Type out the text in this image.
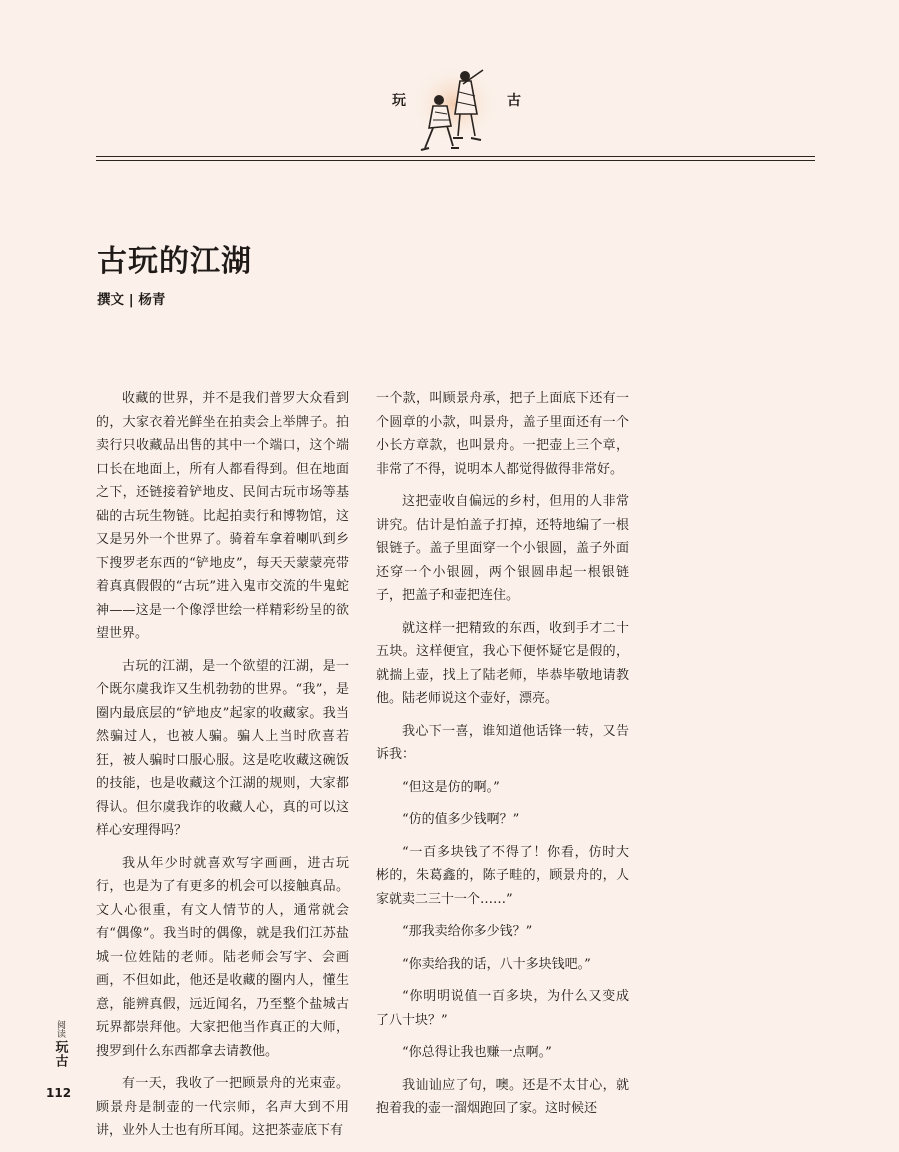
玩	古
古玩的江湖
撰文 | 杨青

收藏的世界，并不是我们普罗大众看到的，大家衣着光鲜坐在拍卖会上举牌子。拍卖行只收藏品出售的其中一个端口，这个端口长在地面上，所有人都看得到。但在地面之下，还链接着铲地皮、民间古玩市场等基础的古玩生物链。比起拍卖行和博物馆，这又是另外一个世界了。骑着车拿着喇叭到乡下搜罗老东西的“铲地皮”，每天天蒙蒙亮带着真真假假的“古玩”进入鬼市交流的牛鬼蛇神——这是一个像浮世绘一样精彩纷呈的欲望世界。

古玩的江湖，是一个欲望的江湖，是一个既尔虞我诈又生机勃勃的世界。“我”，是圈内最底层的“铲地皮”起家的收藏家。我当然骗过人，也被人骗。骗人上当时欣喜若狂，被人骗时口服心服。这是吃收藏这碗饭的技能，也是收藏这个江湖的规则，大家都得认。但尔虞我诈的收藏人心，真的可以这样心安理得吗？

我从年少时就喜欢写字画画，进古玩行，也是为了有更多的机会可以接触真品。文人心很重，有文人情节的人，通常就会有“偶像”。我当时的偶像，就是我们江苏盐城一位姓陆的老师。陆老师会写字、会画画，不但如此，他还是收藏的圈内人，懂生意，能辨真假，远近闻名，乃至整个盐城古玩界都崇拜他。大家把他当作真正的大师，搜罗到什么东西都拿去请教他。

有一天，我收了一把顾景舟的光束壶。顾景舟是制壶的一代宗师，名声大到不用讲，业外人士也有所耳闻。这把茶壶底下有

一个款，叫顾景舟承，把子上面底下还有一个圆章的小款，叫景舟，盖子里面还有一个小长方章款，也叫景舟。一把壶上三个章，非常了不得，说明本人都觉得做得非常好。

这把壶收自偏远的乡村，但用的人非常讲究。估计是怕盖子打掉，还特地编了一根银链子。盖子里面穿一个小银圆，盖子外面还穿一个小银圆，两个银圆串起一根银链子，把盖子和壶把连住。

就这样一把精致的东西，收到手才二十五块。这样便宜，我心下便怀疑它是假的，就揣上壶，找上了陆老师，毕恭毕敬地请教他。陆老师说这个壶好，漂亮。

我心下一喜，谁知道他话锋一转，又告诉我：

“但这是仿的啊。”

“仿的值多少钱啊？”

“一百多块钱了不得了！你看，仿时大彬的，朱葛鑫的，陈子畦的，顾景舟的，人家就卖二三十一个……”

“那我卖给你多少钱？”

“你卖给我的话，八十多块钱吧。”

“你明明说值一百多块，为什么又变成了八十块？”

“你总得让我也赚一点啊。”

我讪讪应了句，噢。还是不太甘心，就抱着我的壶一溜烟跑回了家。这时候还

阅读
玩古
112
